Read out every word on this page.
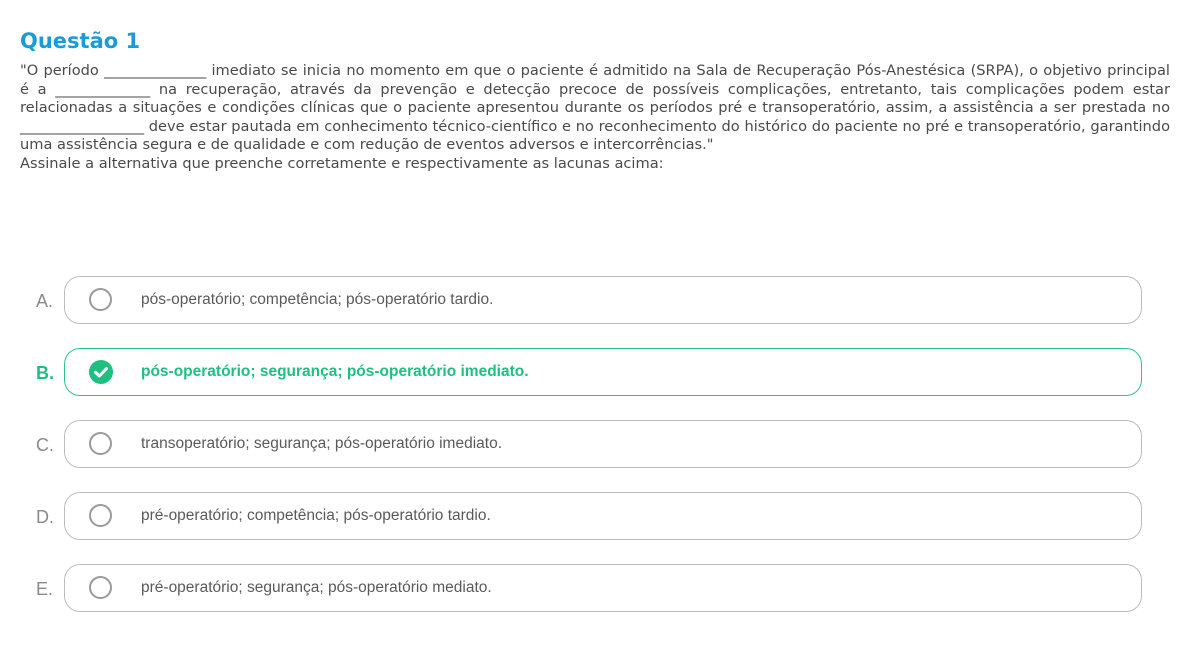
Questão 1

"O período ______________ imediato se inicia no momento em que o paciente é admitido na Sala de Recuperação Pós-Anestésica (SRPA), o objetivo principal é a _____________ na recuperação, através da prevenção e detecção precoce de possíveis complicações, entretanto, tais complicações podem estar relacionadas a situações e condições clínicas que o paciente apresentou durante os períodos pré e transoperatório, assim, a assistência a ser prestada no _________________ deve estar pautada em conhecimento técnico-científico e no reconhecimento do histórico do paciente no pré e transoperatório, garantindo uma assistência segura e de qualidade e com redução de eventos adversos e intercorrências."

Assinale a alternativa que preenche corretamente e respectivamente as lacunas acima:

A.	pós-operatório; competência; pós-operatório tardio.
B.	pós-operatório; segurança; pós-operatório imediato.
C.	transoperatório; segurança; pós-operatório imediato.
D.	pré-operatório; competência; pós-operatório tardio.
E.	pré-operatório; segurança; pós-operatório mediato.
